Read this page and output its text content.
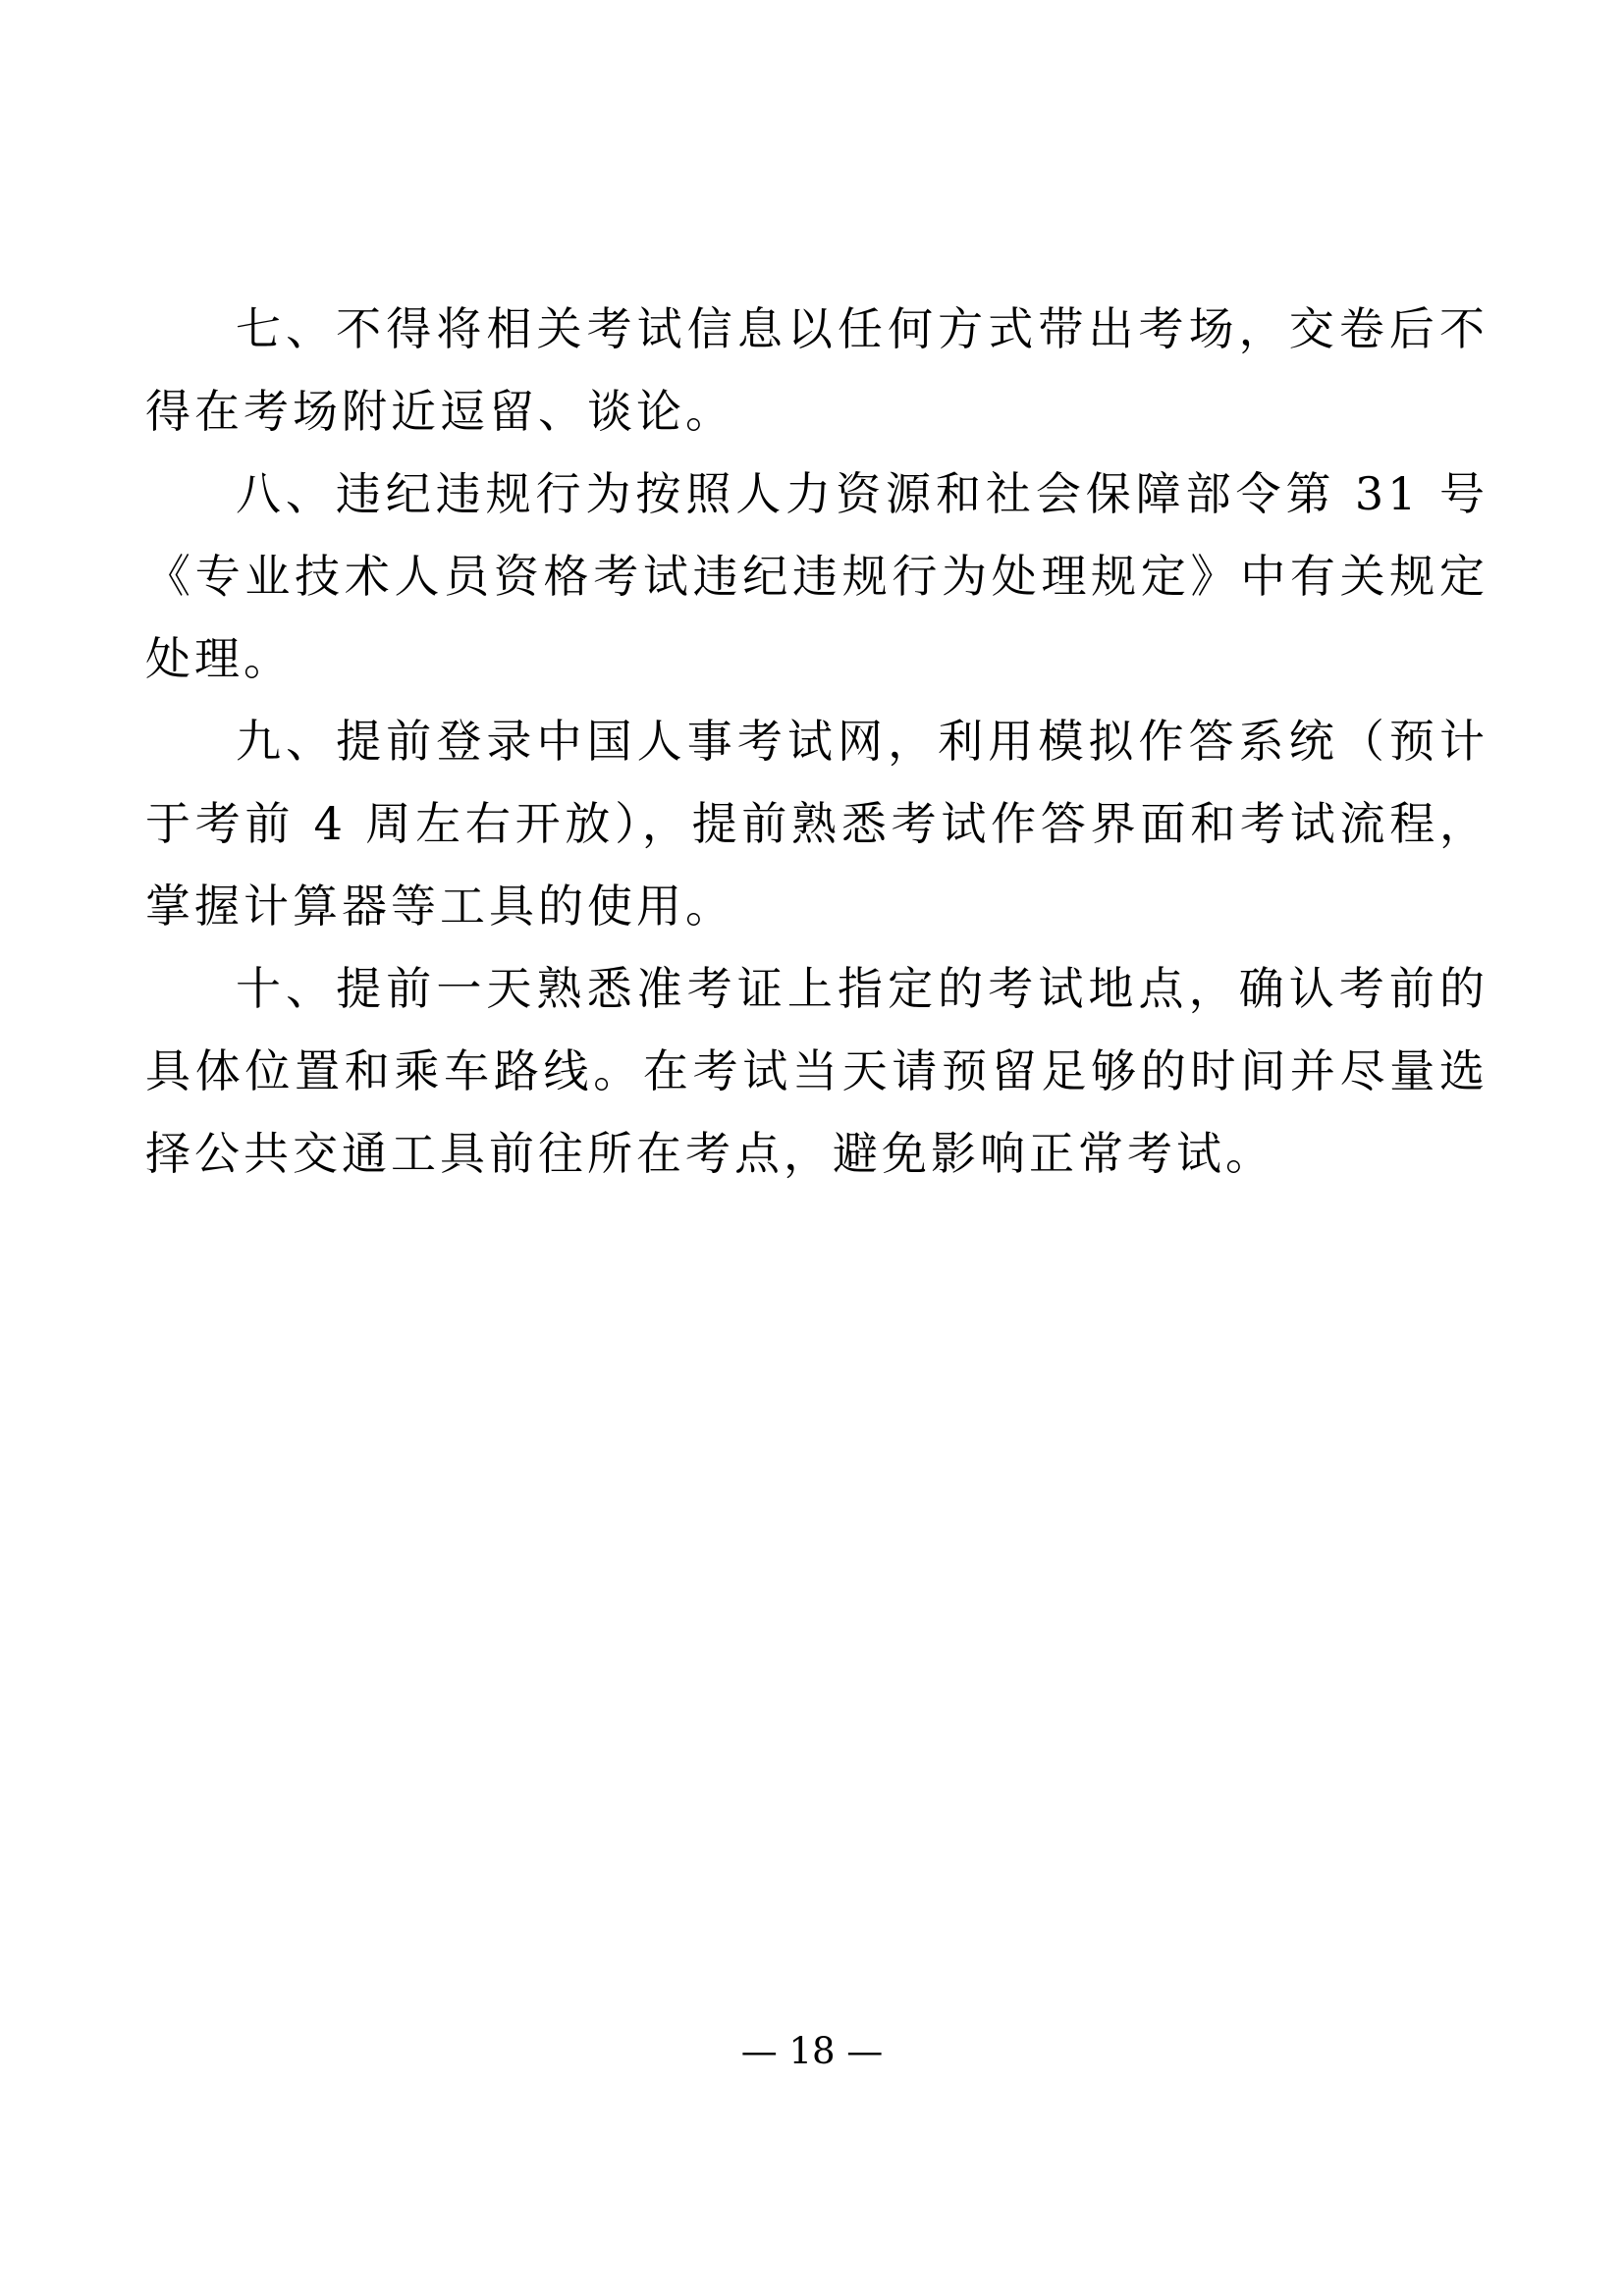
七、不得将相关考试信息以任何方式带出考场，交卷后不得在考场附近逗留、谈论。

八、违纪违规行为按照人力资源和社会保障部令第 31 号《专业技术人员资格考试违纪违规行为处理规定》中有关规定处理。

九、提前登录中国人事考试网，利用模拟作答系统（预计于考前 4 周左右开放），提前熟悉考试作答界面和考试流程，掌握计算器等工具的使用。

十、提前一天熟悉准考证上指定的考试地点，确认考前的具体位置和乘车路线。在考试当天请预留足够的时间并尽量选择公共交通工具前往所在考点，避免影响正常考试。

— 18 —
